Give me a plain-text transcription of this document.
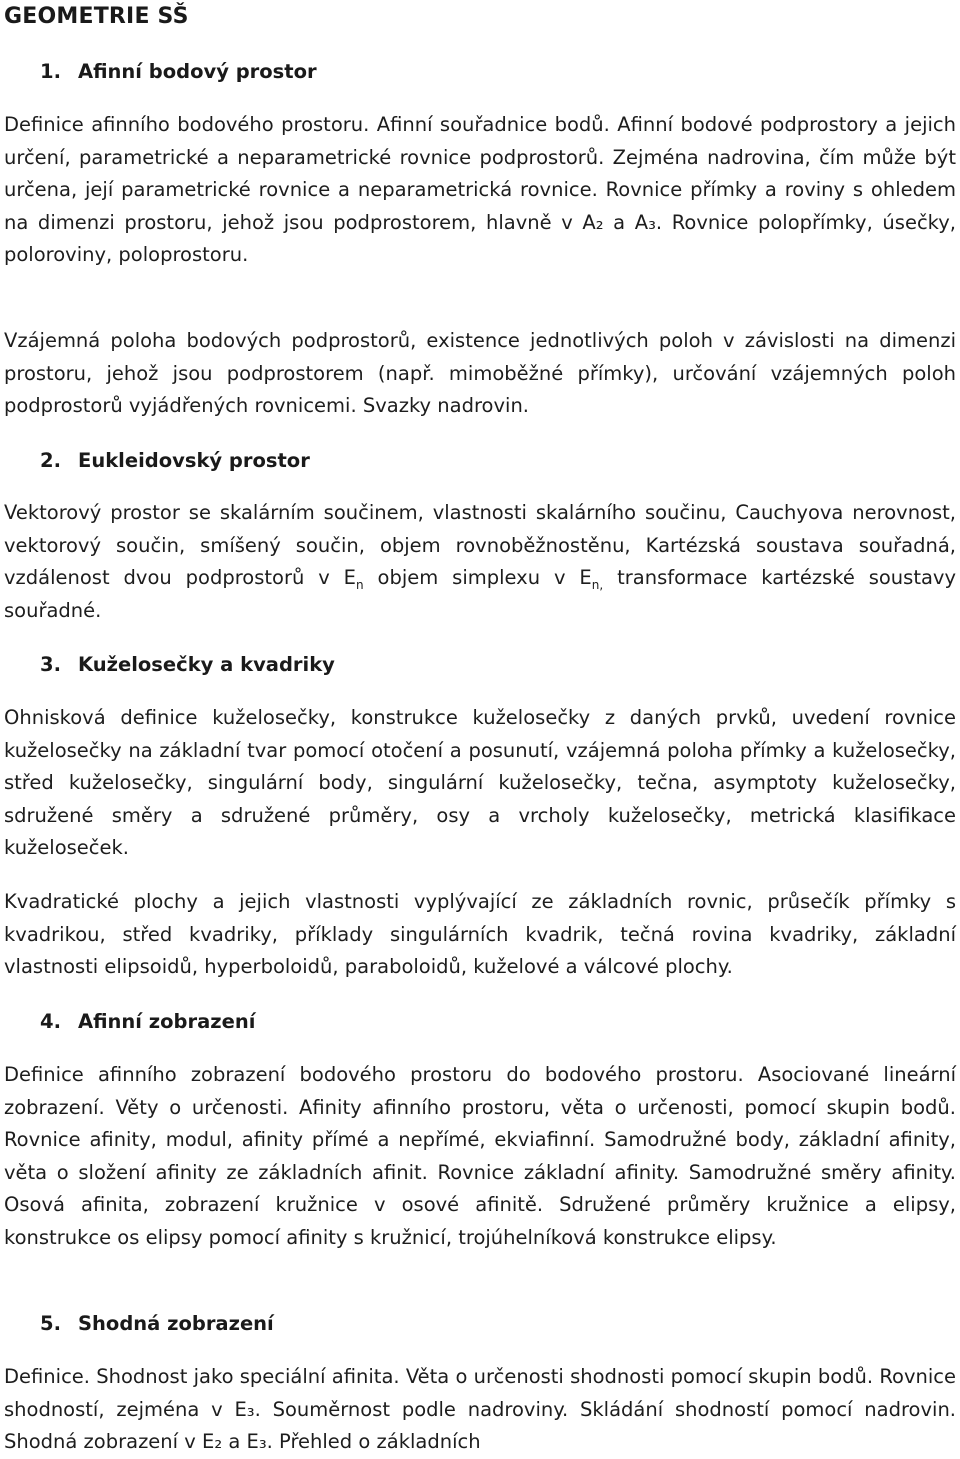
GEOMETRIE SŠ
1. Afinní bodový prostor

Definice afinního bodového prostoru. Afinní souřadnice bodů. Afinní bodové podprostory a jejich určení, parametrické a neparametrické rovnice podprostorů. Zejména nadrovina, čím může být určena, její parametrické rovnice a neparametrická rovnice. Rovnice přímky a roviny s ohledem na dimenzi prostoru, jehož jsou podprostorem, hlavně v A₂ a A₃. Rovnice polopřímky, úsečky, poloroviny, poloprostoru.

Vzájemná poloha bodových podprostorů, existence jednotlivých poloh v závislosti na dimenzi prostoru, jehož jsou podprostorem (např. mimoběžné přímky), určování vzájemných poloh podprostorů vyjádřených rovnicemi. Svazky nadrovin.

2. Eukleidovský prostor

Vektorový prostor se skalárním součinem, vlastnosti skalárního součinu, Cauchyova nerovnost, vektorový součin, smíšený součin, objem rovnoběžnostěnu, Kartézská soustava souřadná, vzdálenost dvou podprostorů v $E_n$ objem simplexu v $E_{n,}$ transformace kartézské soustavy souřadné.

3. Kuželosečky a kvadriky

Ohnisková definice kuželosečky, konstrukce kuželosečky z daných prvků, uvedení rovnice kuželosečky na základní tvar pomocí otočení a posunutí, vzájemná poloha přímky a kuželosečky, střed kuželosečky, singulární body, singulární kuželosečky, tečna, asymptoty kuželosečky, sdružené směry a sdružené průměry, osy a vrcholy kuželosečky, metrická klasifikace kuželoseček.

Kvadratické plochy a jejich vlastnosti vyplývající ze základních rovnic, průsečík přímky s kvadrikou, střed kvadriky, příklady singulárních kvadrik, tečná rovina kvadriky, základní vlastnosti elipsoidů, hyperboloidů, paraboloidů, kuželové a válcové plochy.

4. Afinní zobrazení

Definice afinního zobrazení bodového prostoru do bodového prostoru. Asociované lineární zobrazení. Věty o určenosti. Afinity afinního prostoru, věta o určenosti, pomocí skupin bodů. Rovnice afinity, modul, afinity přímé a nepřímé, ekviafinní. Samodružné body, základní afinity, věta o složení afinity ze základních afinit. Rovnice základní afinity. Samodružné směry afinity. Osová afinita, zobrazení kružnice v osové afinitě. Sdružené průměry kružnice a elipsy, konstrukce os elipsy pomocí afinity s kružnicí, trojúhelníková konstrukce elipsy.

5. Shodná zobrazení

Definice. Shodnost jako speciální afinita. Věta o určenosti shodnosti pomocí skupin bodů. Rovnice shodností, zejména v E₃. Souměrnost podle nadroviny. Skládání shodností pomocí nadrovin. Shodná zobrazení v E₂ a E₃. Přehled o základních
